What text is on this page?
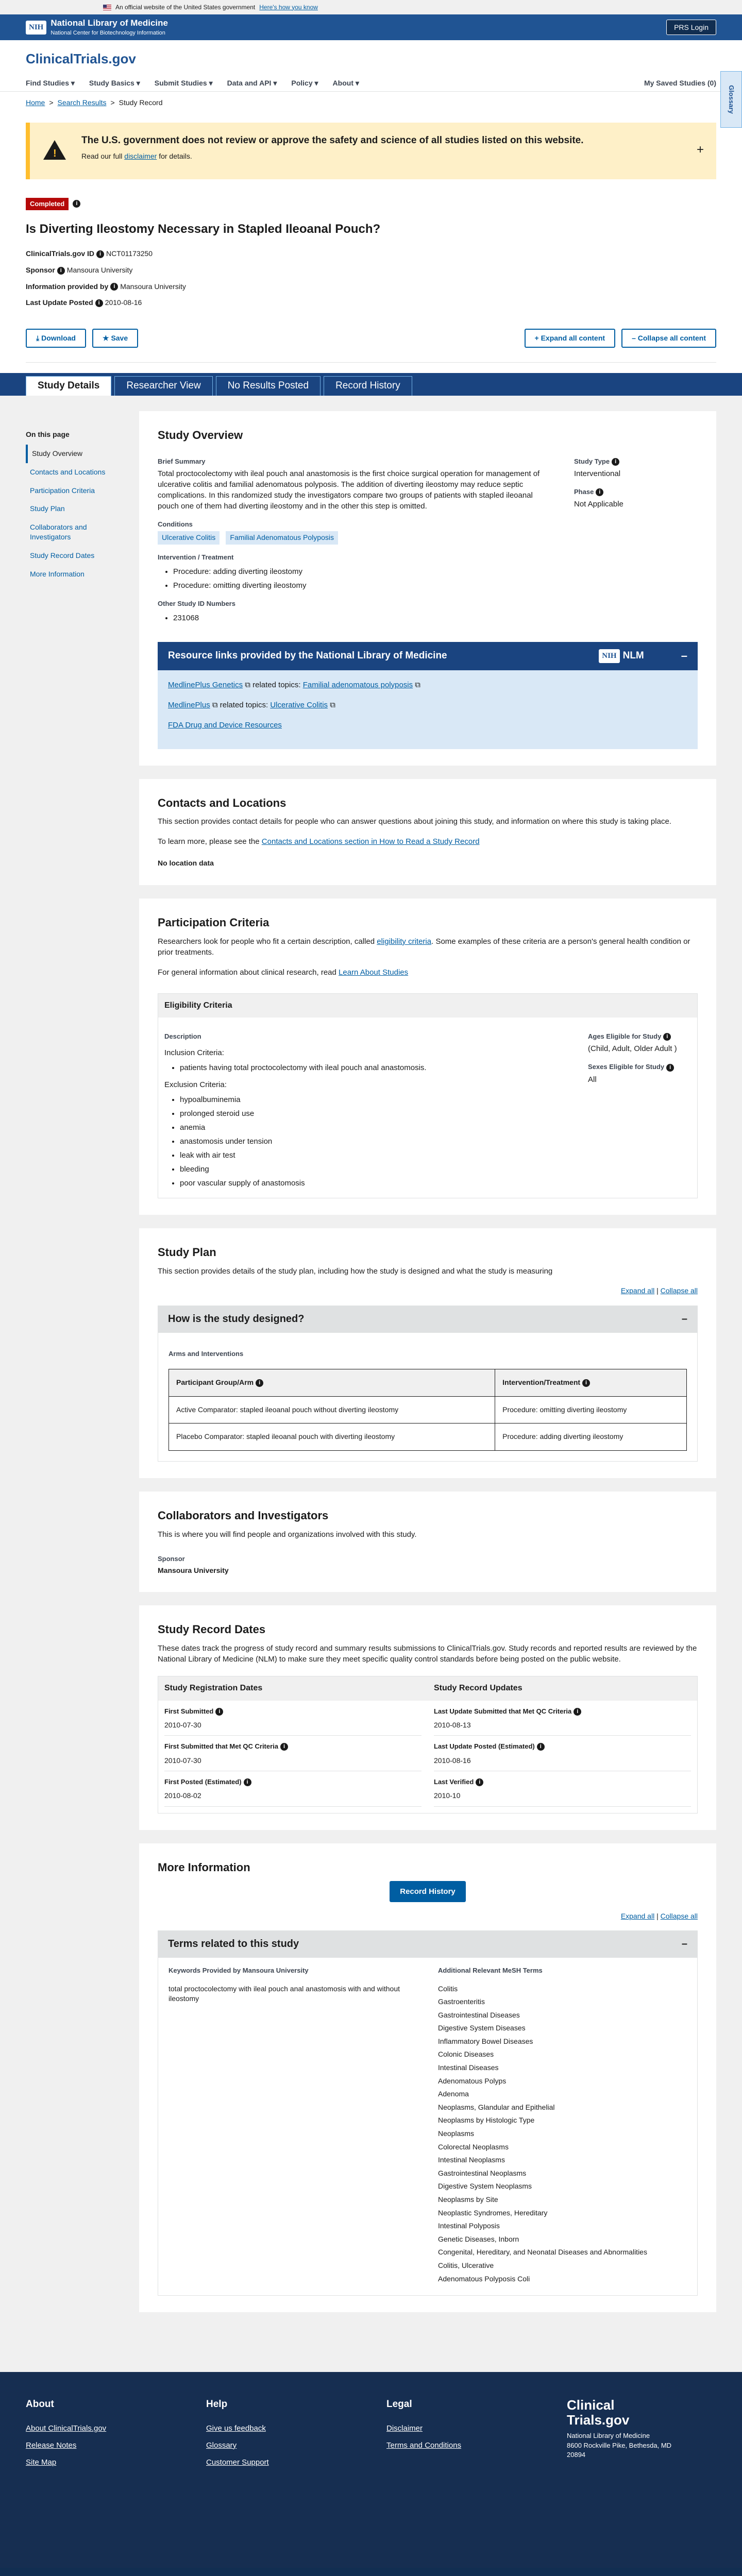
An official website of the United States government Here's how you know
NIH National Library of Medicine
National Center for Biotechnology Information
PRS Login
ClinicalTrials.gov
Find Studies ▾ Study Basics ▾ Submit Studies ▾ Data and API ▾ Policy ▾ About ▾	My Saved Studies (0)
Glossary
Home > Search Results > Study Record
!
The U.S. government does not review or approve the safety and science of all studies listed on this website.

Read our full disclaimer for details.	+
Completed i
Is Diverting Ileostomy Necessary in Stapled Ileoanal Pouch?
ClinicalTrials.gov ID i NCT01173250
Sponsor i Mansoura University
Information provided by i Mansoura University
Last Update Posted i 2010-08-16
⤓ Download	★ Save	+ Expand all content	– Collapse all content
Study Details	Researcher View	No Results Posted	Record History
On this page
Study Overview
Contacts and Locations
Participation Criteria
Study Plan
Collaborators and Investigators
Study Record Dates
More Information
Study Overview
Brief Summary

Total proctocolectomy with ileal pouch anal anastomosis is the first choice surgical operation for management of ulcerative colitis and familial adenomatous polyposis. The addition of diverting ileostomy may reduce septic complications. In this randomized study the investigators compare two groups of patients with stapled ileoanal pouch one of them had diverting ileostomy and in the other this step is omitted.

Conditions
Ulcerative Colitis Familial Adenomatous Polyposis
Intervention / Treatment
• Procedure: adding diverting ileostomy
• Procedure: omitting diverting ileostomy
Other Study ID Numbers
• 231068
Study Type i
Interventional
Phase i
Not Applicable
Resource links provided by the National Library of Medicine	NIH NLM	–
MedlinePlus Genetics ⧉ related topics: Familial adenomatous polyposis ⧉
MedlinePlus ⧉ related topics: Ulcerative Colitis ⧉
FDA Drug and Device Resources
Contacts and Locations

This section provides contact details for people who can answer questions about joining this study, and information on where this study is taking place.

To learn more, please see the Contacts and Locations section in How to Read a Study Record

No location data

Participation Criteria

Researchers look for people who fit a certain description, called eligibility criteria. Some examples of these criteria are a person's general health condition or prior treatments.

For general information about clinical research, read Learn About Studies

Eligibility Criteria
Description

Inclusion Criteria:

• patients having total proctocolectomy with ileal pouch anal anastomosis.

Exclusion Criteria:

• hypoalbuminemia
• prolonged steroid use
• anemia
• anastomosis under tension
• leak with air test
• bleeding
• poor vascular supply of anastomosis
Ages Eligible for Study i
(Child, Adult, Older Adult )
Sexes Eligible for Study i
All
Study Plan

This section provides details of the study plan, including how the study is designed and what the study is measuring

Expand all | Collapse all
How is the study designed?	–
Arms and Interventions
Participant Group/Arm i	Intervention/Treatment i
Active Comparator: stapled ileoanal pouch without diverting ileostomy	Procedure: omitting diverting ileostomy
Placebo Comparator: stapled ileoanal pouch with diverting ileostomy	Procedure: adding diverting ileostomy
Collaborators and Investigators

This is where you will find people and organizations involved with this study.

Sponsor

Mansoura University

Study Record Dates

These dates track the progress of study record and summary results submissions to ClinicalTrials.gov. Study records and reported results are reviewed by the National Library of Medicine (NLM) to make sure they meet specific quality control standards before being posted on the public website.

Study Registration Dates
First Submitted i
2010-07-30
First Submitted that Met QC Criteria i
2010-07-30
First Posted (Estimated) i
2010-08-02
Study Record Updates
Last Update Submitted that Met QC Criteria i
2010-08-13
Last Update Posted (Estimated) i
2010-08-16
Last Verified i
2010-10
More Information
Record History
Expand all | Collapse all
Terms related to this study	–
Keywords Provided by Mansoura University
total proctocolectomy with ileal pouch anal anastomosis with and without ileostomy
Additional Relevant MeSH Terms
Colitis
Gastroenteritis
Gastrointestinal Diseases
Digestive System Diseases
Inflammatory Bowel Diseases
Colonic Diseases
Intestinal Diseases
Adenomatous Polyps
Adenoma
Neoplasms, Glandular and Epithelial
Neoplasms by Histologic Type
Neoplasms
Colorectal Neoplasms
Intestinal Neoplasms
Gastrointestinal Neoplasms
Digestive System Neoplasms
Neoplasms by Site
Neoplastic Syndromes, Hereditary
Intestinal Polyposis
Genetic Diseases, Inborn
Congenital, Hereditary, and Neonatal Diseases and Abnormalities
Colitis, Ulcerative
Adenomatous Polyposis Coli
About
About ClinicalTrials.gov
Release Notes
Site Map
Help
Give us feedback
Glossary
Customer Support
Legal
Disclaimer
Terms and Conditions
Clinical
Trials.gov
National Library of Medicine
8600 Rockville Pike, Bethesda, MD
20894
